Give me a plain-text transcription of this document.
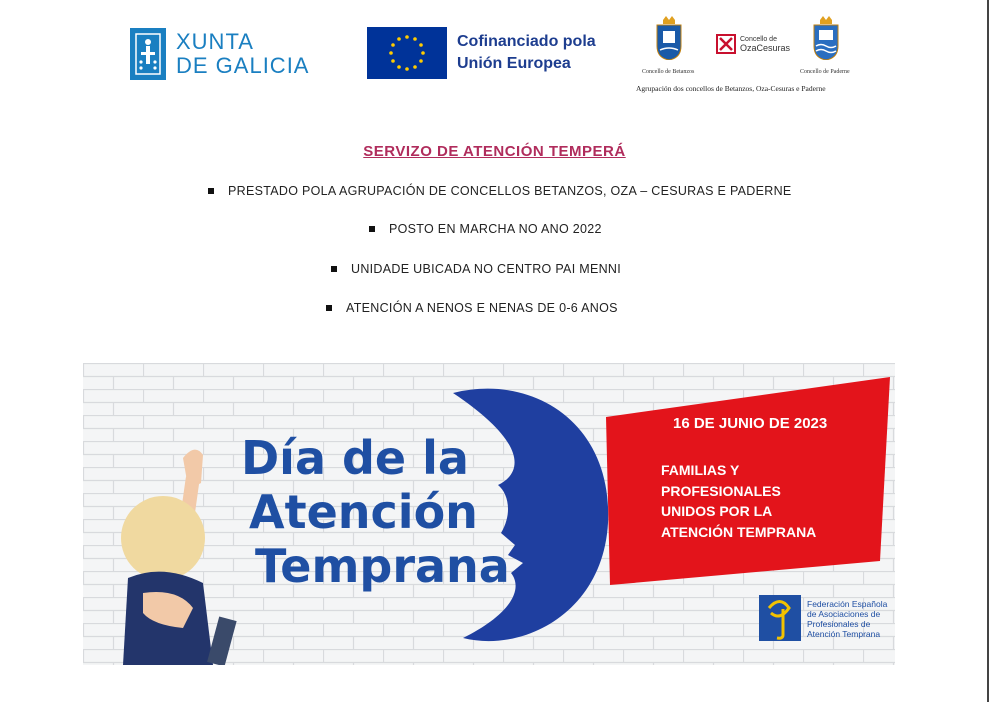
XUNTA
DE GALICIA
Cofinanciado pola
Unión Europea	Concello de Betanzos
Concello de
OzaCesuras
Concello de Paderne
Agrupación dos concellos de Betanzos, Oza-Cesuras e Paderne
SERVIZO DE ATENCIÓN TEMPERÁ
PRESTADO POLA AGRUPACIÓN DE CONCELLOS BETANZOS, OZA – CESURAS E PADERNE
POSTO EN MARCHA NO ANO 2022
UNIDADE UBICADA NO CENTRO PAI MENNI
ATENCIÓN A NENOS E NENAS DE 0-6 ANOS
Día de la
Atención
Temprana
16 DE JUNIO DE 2023
FAMILIAS Y
PROFESIONALES
UNIDOS POR LA
ATENCIÓN TEMPRANA
Federación Española
de Asociaciones de
Profesionales de
Atención Temprana
